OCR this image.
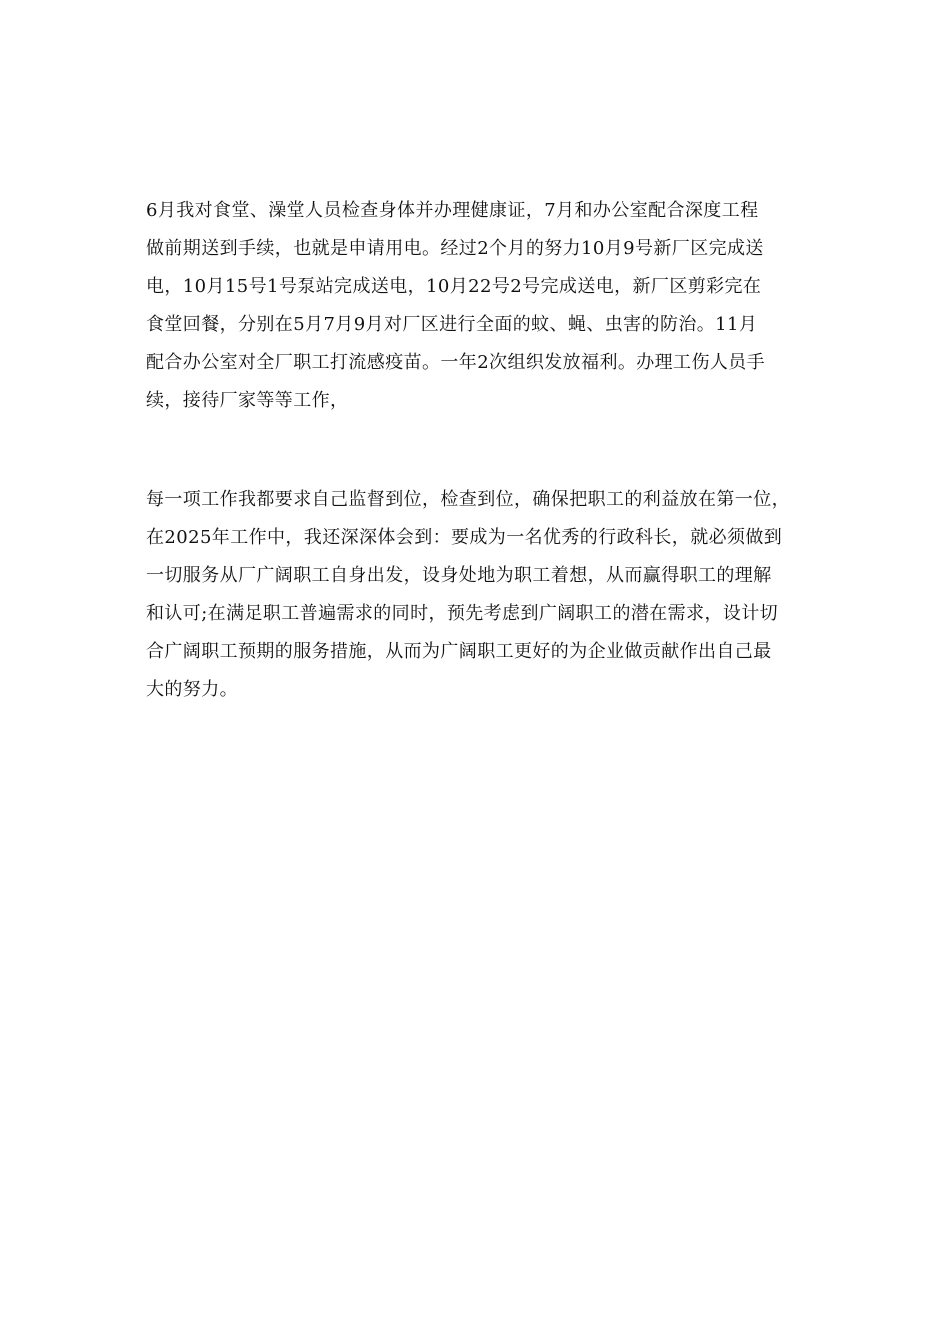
6月我对食堂、澡堂人员检查身体并办理健康证，7月和办公室配合深度工程
做前期送到手续，也就是申请用电。经过2个月的努力10月9号新厂区完成送
电，10月15号1号泵站完成送电，10月22号2号完成送电，新厂区剪彩完在
食堂回餐，分别在5月7月9月对厂区进行全面的蚊、蝇、虫害的防治。11月
配合办公室对全厂职工打流感疫苗。一年2次组织发放福利。办理工伤人员手
续，接待厂家等等工作，
每一项工作我都要求自己监督到位，检查到位，确保把职工的利益放在第一位，
在2025年工作中，我还深深体会到：要成为一名优秀的行政科长，就必须做到
一切服务从厂广阔职工自身出发，设身处地为职工着想，从而赢得职工的理解
和认可;在满足职工普遍需求的同时，预先考虑到广阔职工的潜在需求，设计切
合广阔职工预期的服务措施，从而为广阔职工更好的为企业做贡献作出自己最
大的努力。
